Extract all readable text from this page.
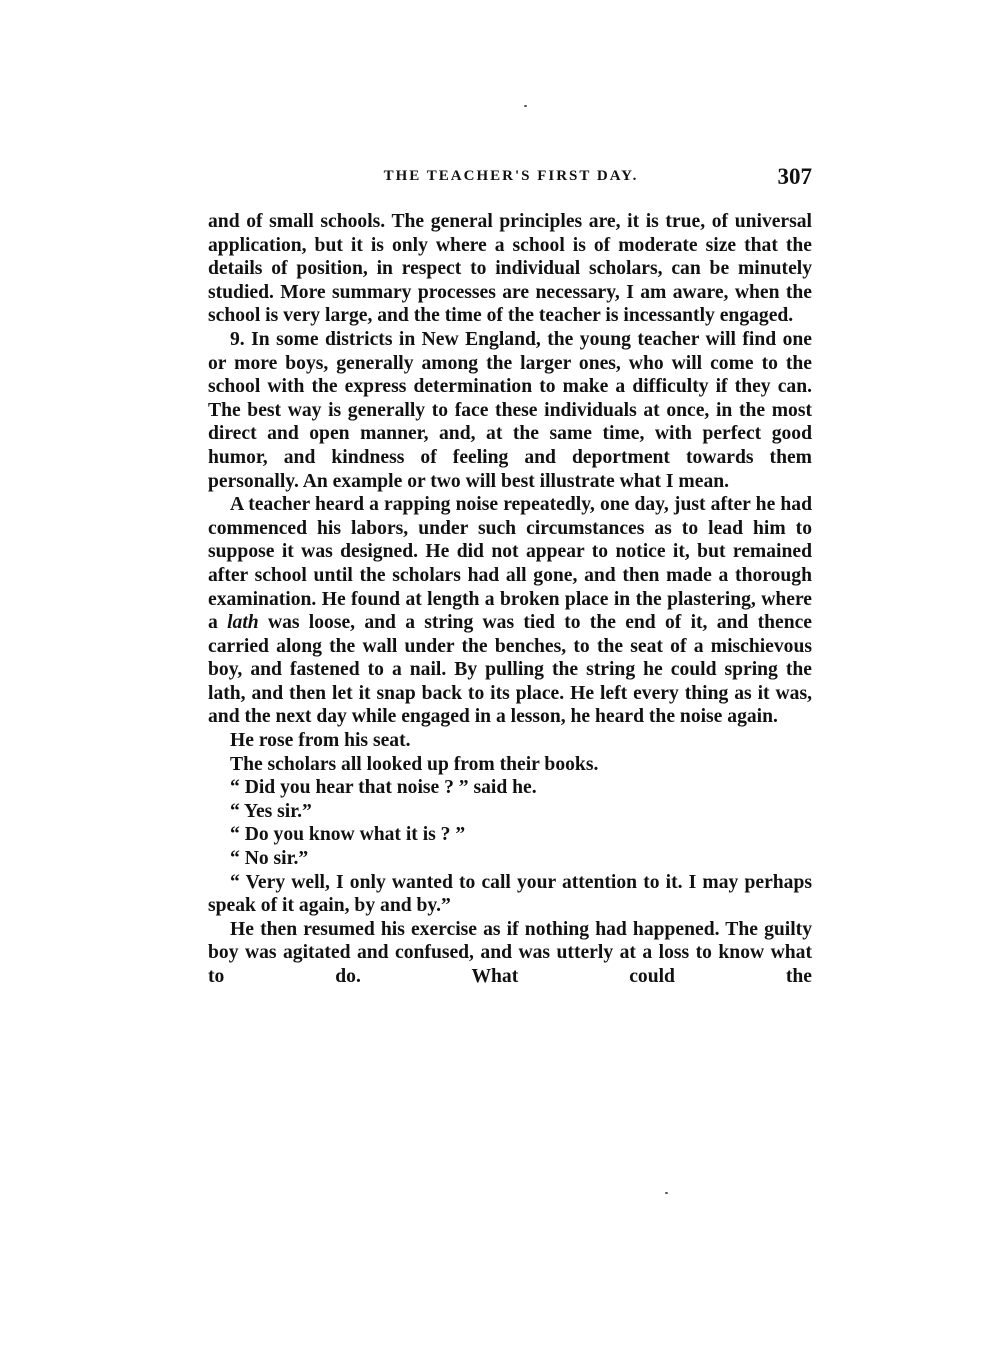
THE TEACHER'S FIRST DAY.	307

and of small schools. The general principles are, it is true, of universal application, but it is only where a school is of moderate size that the details of position, in respect to individual scholars, can be minutely studied. More summary processes are necessary, I am aware, when the school is very large, and the time of the teacher is incessantly engaged.

9. In some districts in New England, the young teacher will find one or more boys, generally among the larger ones, who will come to the school with the express determination to make a difficulty if they can. The best way is generally to face these individuals at once, in the most direct and open manner, and, at the same time, with perfect good humor, and kindness of feeling and deportment towards them personally. An example or two will best illustrate what I mean.

A teacher heard a rapping noise repeatedly, one day, just after he had commenced his labors, under such circumstances as to lead him to suppose it was designed. He did not appear to notice it, but remained after school until the scholars had all gone, and then made a thorough examination. He found at length a broken place in the plastering, where a lath was loose, and a string was tied to the end of it, and thence carried along the wall under the benches, to the seat of a mischievous boy, and fastened to a nail. By pulling the string he could spring the lath, and then let it snap back to its place. He left every thing as it was, and the next day while engaged in a lesson, he heard the noise again.

He rose from his seat.

The scholars all looked up from their books.

“ Did you hear that noise ? ” said he.

“ Yes sir.”

“ Do you know what it is ? ”

“ No sir.”

“ Very well, I only wanted to call your attention to it. I may perhaps speak of it again, by and by.”

He then resumed his exercise as if nothing had happened. The guilty boy was agitated and confused, and was utterly at a loss to know what to do. What could the
